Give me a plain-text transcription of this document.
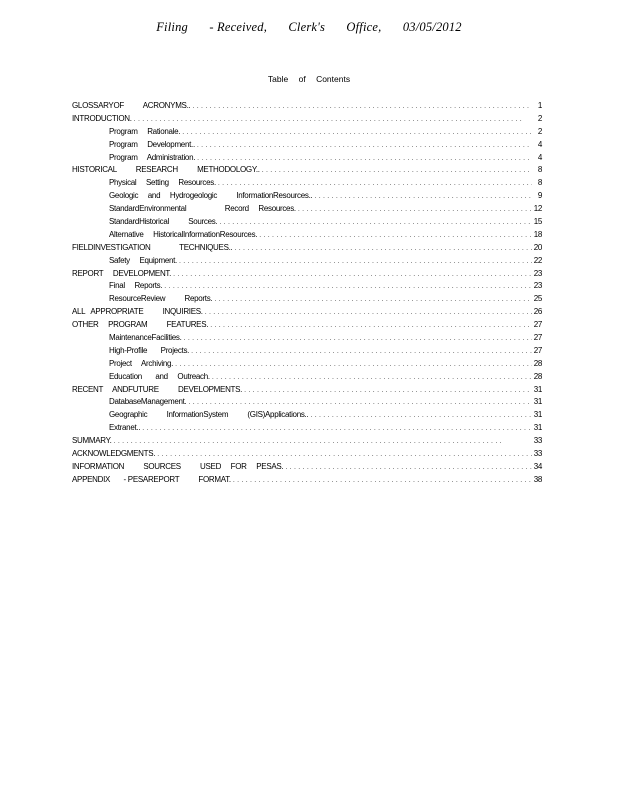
Filing - Received, Clerk's Office, 03/05/2012
Table of Contents
GLOSSARYOF          ACRONYMS.. . . .	1
INTRODUCTION. . . .	2
Program     Rationale. . . .	2
Program     Development.. . . .	4
Program     Administration. . . .	4
HISTORICAL          RESEARCH          METHODOLOGY.. . . .	8
Physical     Setting     Resources. . . .	8
Geologic     and     Hydrogeologic          InformationResources.. . . .	9
StandardEnvironmental                    Record     Resources. . . .	12
StandardHistorical          Sources. . . .	15
Alternative     HistoricalInformationResources. . . .	18
FIELDINVESTIGATION               TECHNIQUES.. . . .	20
Safety     Equipment. . . .	22
REPORT     DEVELOPMENT. . . .	23
Final     Reports. . . .	23
ResourceReview          Reports. . . .	25
ALL   APPROPRIATE          INQUIRIES. . . .	26
OTHER     PROGRAM          FEATURES. . . .	27
MaintenanceFacilities. . . .	27
High-Profile       Projects. . . .	27
Project     Archiving. . . .	28
Education       and     Outreach. . . .	28
RECENT     ANDFUTURE          DEVELOPMENTS. . . .	31
DatabaseManagement. . . .	31
Geographic          InformationSystem          (GIS)Applications.. . . .	31
Extranet.. . . .	31
SUMMARY. . . .	33
ACKNOWLEDGMENTS. . . .	33
INFORMATION          SOURCES          USED     FOR     PESAS. . . .	34
APPENDIX       - PESAREPORT          FORMAT. . . .	38
